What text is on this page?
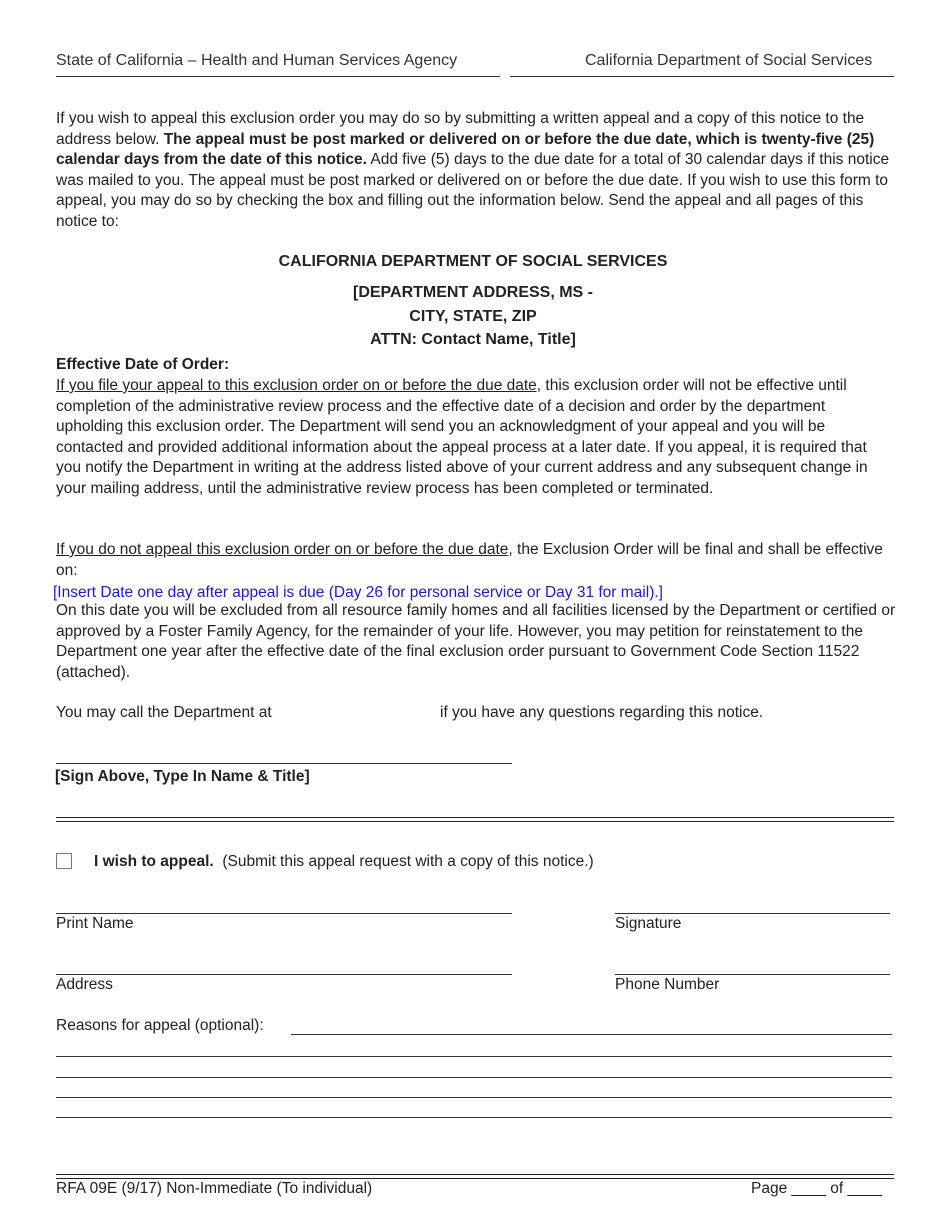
State of California – Health and Human Services Agency	California Department of Social Services
If you wish to appeal this exclusion order you may do so by submitting a written appeal and a copy of this notice to the address below. The appeal must be post marked or delivered on or before the due date, which is twenty-five (25) calendar days from the date of this notice. Add five (5) days to the due date for a total of 30 calendar days if this notice was mailed to you. The appeal must be post marked or delivered on or before the due date. If you wish to use this form to appeal, you may do so by checking the box and filling out the information below. Send the appeal and all pages of this notice to:
CALIFORNIA DEPARTMENT OF SOCIAL SERVICES
[DEPARTMENT ADDRESS, MS -
CITY, STATE, ZIP
ATTN: Contact Name, Title]
Effective Date of Order:
If you file your appeal to this exclusion order on or before the due date, this exclusion order will not be effective until completion of the administrative review process and the effective date of a decision and order by the department upholding this exclusion order. The Department will send you an acknowledgment of your appeal and you will be contacted and provided additional information about the appeal process at a later date. If you appeal, it is required that you notify the Department in writing at the address listed above of your current address and any subsequent change in your mailing address, until the administrative review process has been completed or terminated.
If you do not appeal this exclusion order on or before the due date, the Exclusion Order will be final and shall be effective on:
[Insert Date one day after appeal is due (Day 26 for personal service or Day 31 for mail).]
On this date you will be excluded from all resource family homes and all facilities licensed by the Department or certified or approved by a Foster Family Agency, for the remainder of your life. However, you may petition for reinstatement to the Department one year after the effective date of the final exclusion order pursuant to Government Code Section 11522 (attached).
You may call the Department at	if you have any questions regarding this notice.
[Sign Above, Type In Name & Title]
I wish to appeal. (Submit this appeal request with a copy of this notice.)
Print Name	Signature
Address	Phone Number
Reasons for appeal (optional):
RFA 09E (9/17) Non-Immediate (To individual)	Page ____ of ____
